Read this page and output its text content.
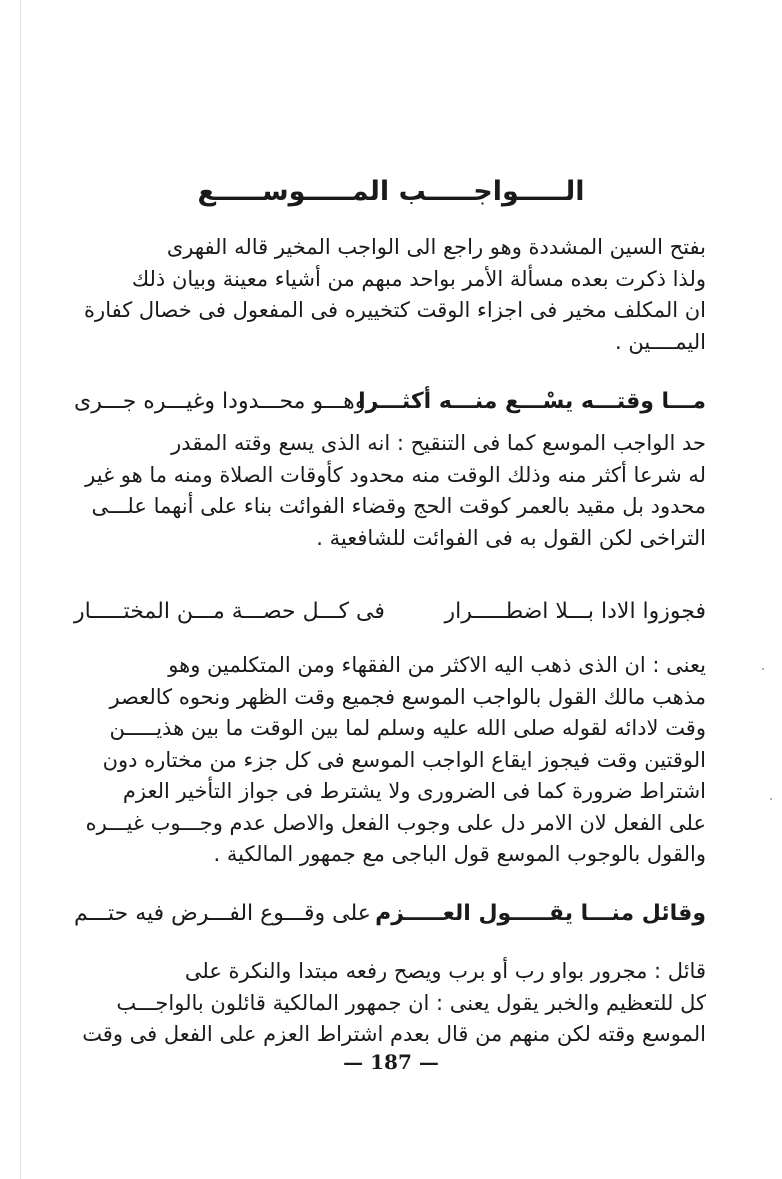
الـــــواجـــــب المـــــوســـــع

بفتح السين المشددة وهو راجع الى الواجب المخير قاله الفهرى
ولذا ذكرت بعده مسألة الأمر بواحد مبهم من أشياء معينة وبيان ذلك
ان المكلف مخير فى اجزاء الوقت كتخييره فى المفعول فى خصال كفارة
اليمــــين .

مـــا وقتـــه يسْـــع منـــه أكثـــرا
وهـــو محـــدودا وغيـــره جـــرى

حد الواجب الموسع كما فى التنقيح : انه الذى يسع وقته المقدر
له شرعا أكثر منه وذلك الوقت منه محدود كأوقات الصلاة ومنه ما هو غير
محدود بل مقيد بالعمر كوقت الحج وقضاء الفوائت بناء على أنهما علـــى
التراخى لكن القول به فى الفوائت للشافعية .

فجوزوا الادا بـــلا اضطـــــرار
فى كـــل حصـــة مـــن المختـــــار

يعنى : ان الذى ذهب اليه الاكثر من الفقهاء ومن المتكلمين وهو
مذهب مالك القول بالواجب الموسع فجميع وقت الظهر ونحوه كالعصر
وقت لادائه لقوله صلى الله عليه وسلم لما بين الوقت ما بين هذيـــــن
الوقتين وقت فيجوز ايقاع الواجب الموسع فى كل جزء من مختاره دون
اشتراط ضرورة كما فى الضرورى ولا يشترط فى جواز التأخير العزم
على الفعل لان الامر دل على وجوب الفعل والاصل عدم وجـــوب غيـــره
والقول بالوجوب الموسع قول الباجى مع جمهور المالكية .

وقائل منـــا يقـــــول العـــــزم
على وقـــوع الفـــرض فيه حتـــم

قائل : مجرور بواو رب أو برب ويصح رفعه مبتدا والنكرة على
كل للتعظيم والخبر يقول يعنى : ان جمهور المالكية قائلون بالواجـــب
الموسع وقته لكن منهم من قال بعدم اشتراط العزم على الفعل فى وقت

— 187 —
